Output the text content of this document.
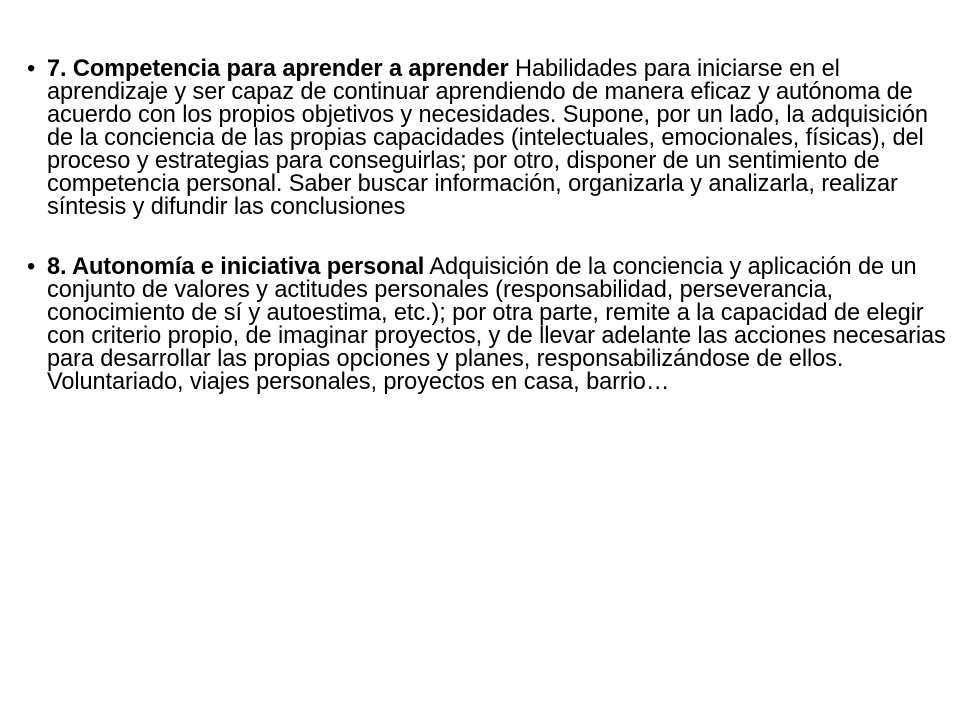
• 7. Competencia para aprender a aprender Habilidades para iniciarse en el aprendizaje y ser capaz de continuar aprendiendo de manera eficaz y autónoma de acuerdo con los propios objetivos y necesidades. Supone, por un lado, la adquisición de la conciencia de las propias capacidades (intelectuales, emocionales, físicas), del proceso y estrategias para conseguirlas; por otro, disponer de un sentimiento de competencia personal. Saber buscar información, organizarla y analizarla, realizar síntesis y difundir las conclusiones
• 8. Autonomía e iniciativa personal Adquisición de la conciencia y aplicación de un conjunto de valores y actitudes personales (responsabilidad, perseverancia, conocimiento de sí y autoestima, etc.); por otra parte, remite a la capacidad de elegir con criterio propio, de imaginar proyectos, y de llevar adelante las acciones necesarias para desarrollar las propias opciones y planes, responsabilizándose de ellos. Voluntariado, viajes personales, proyectos en casa, barrio…
